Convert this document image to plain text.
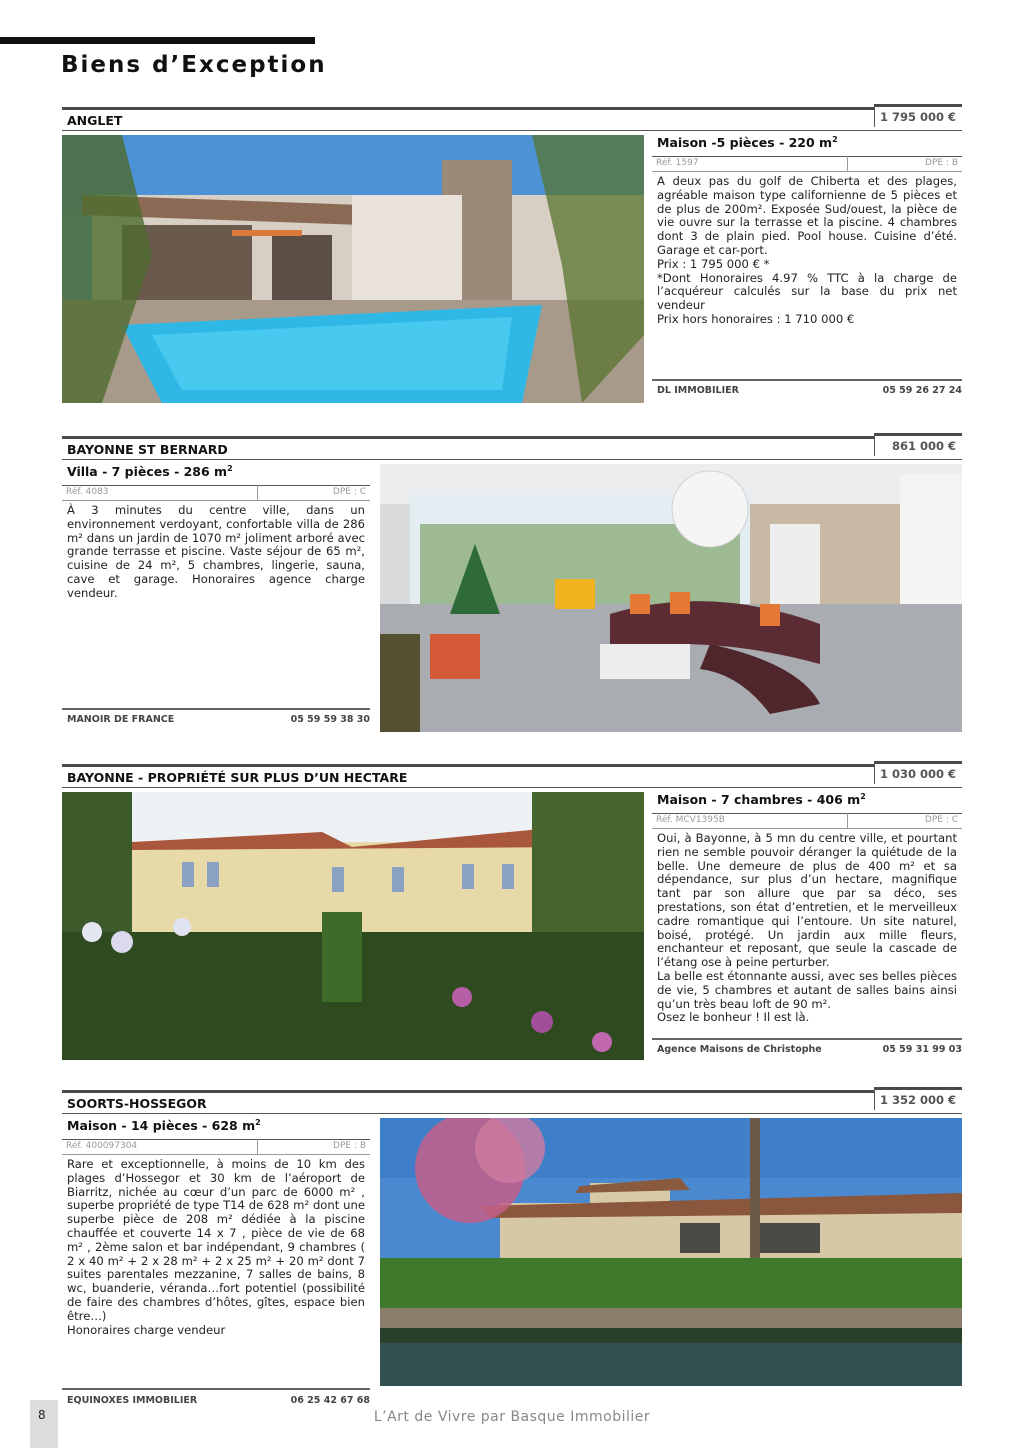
Biens d’Exception
ANGLET	1 795 000 €
Maison -5 pièces - 220 $m^2$
Réf. 1597	DPE : B

A deux pas du golf de Chiberta et des plages, agréable maison type californienne de 5 pièces et de plus de 200m². Exposée Sud/ouest, la pièce de vie ouvre sur la terrasse et la piscine. 4 chambres dont 3 de plain pied. Pool house. Cuisine d’été. Garage et car-port.

Prix : 1 795 000 € *

*Dont Honoraires 4.97 % TTC à la charge de l’acquéreur calculés sur la base du prix net vendeur

Prix hors honoraires : 1 710 000 €

DL IMMOBILIER	05 59 26 27 24
BAYONNE ST BERNARD	861 000 €
Villa - 7 pièces - 286 $m^2$
Réf. 4083	DPE : C

À 3 minutes du centre ville, dans un environnement verdoyant, confortable villa de 286 m² dans un jardin de 1070 m² joliment arboré avec grande terrasse et piscine. Vaste séjour de 65 m², cuisine de 24 m², 5 chambres, lingerie, sauna, cave et garage. Honoraires agence charge vendeur.

MANOIR DE FRANCE	05 59 59 38 30
BAYONNE - PROPRIÉTÉ SUR PLUS D’UN HECTARE	1 030 000 €
Maison - 7 chambres - 406 $m^2$
Réf. MCV1395B	DPE : C

Oui, à Bayonne, à 5 mn du centre ville, et pourtant rien ne semble pouvoir déranger la quiétude de la belle. Une demeure de plus de 400 m² et sa dépendance, sur plus d’un hectare, magnifique tant par son allure que par sa déco, ses prestations, son état d’entretien, et le merveilleux cadre romantique qui l’entoure. Un site naturel, boisé, protégé. Un jardin aux mille fleurs, enchanteur et reposant, que seule la cascade de l’étang ose à peine perturber.

La belle est étonnante aussi, avec ses belles pièces de vie, 5 chambres et autant de salles bains ainsi qu’un très beau loft de 90 m².

Osez le bonheur ! Il est là.

Agence Maisons de Christophe	05 59 31 99 03
SOORTS-HOSSEGOR	1 352 000 €
Maison - 14 pièces - 628 $m^2$
Réf. 400097304	DPE : B

Rare et exceptionnelle, à moins de 10 km des plages d’Hossegor et 30 km de l’aéroport de Biarritz, nichée au cœur d’un parc de 6000 m² , superbe propriété de type T14 de 628 m² dont une superbe pièce de 208 m² dédiée à la piscine chauffée et couverte 14 x 7 , pièce de vie de 68 m² , 2ème salon et bar indépendant, 9 chambres ( 2 x 40 m² + 2 x 28 m² + 2 x 25 m² + 20 m² dont 7 suites parentales mezzanine, 7 salles de bains, 8 wc, buanderie, véranda…fort potentiel (possibilité de faire des chambres d’hôtes, gîtes, espace bien être…)

Honoraires charge vendeur

EQUINOXES IMMOBILIER	06 25 42 67 68
8	L’Art de Vivre par Basque Immobilier
